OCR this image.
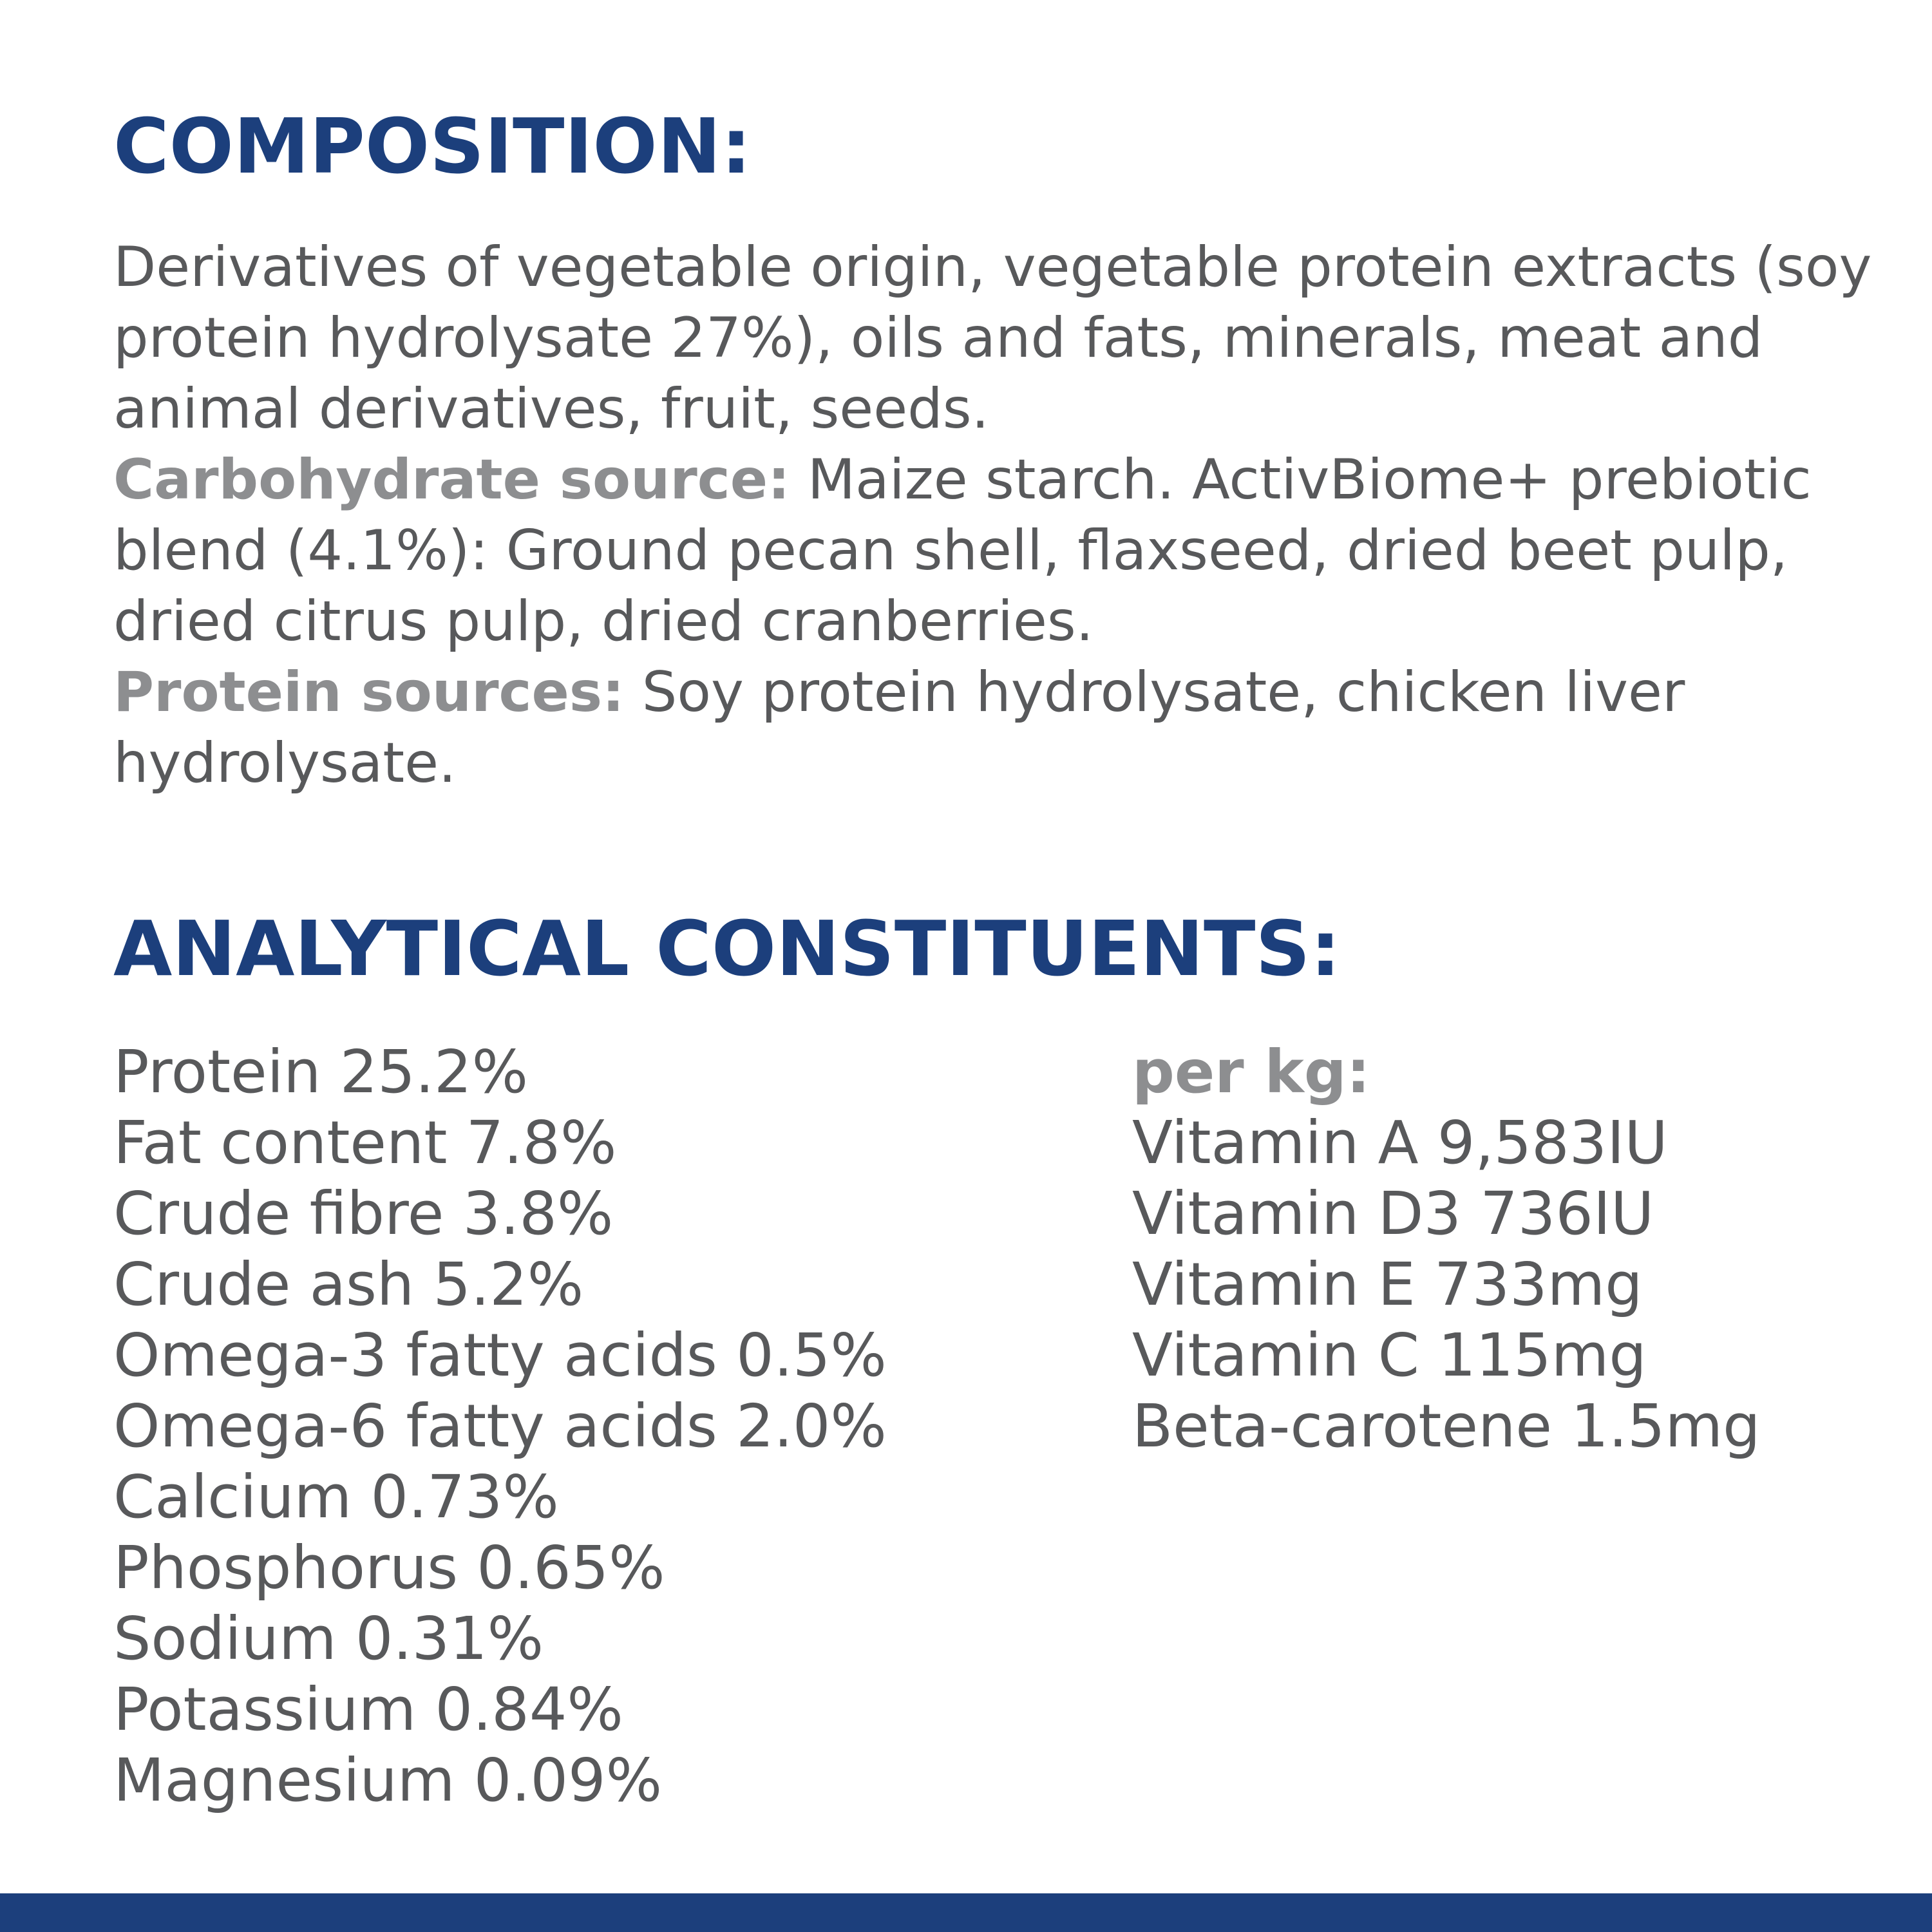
COMPOSITION:

Derivatives of vegetable origin, vegetable protein extracts (soy protein hydrolysate 27%), oils and fats, minerals, meat and animal derivatives, fruit, seeds.
Carbohydrate source: Maize starch. ActivBiome+ prebiotic blend (4.1%): Ground pecan shell, flaxseed, dried beet pulp, dried citrus pulp, dried cranberries.
Protein sources: Soy protein hydrolysate, chicken liver hydrolysate.

ANALYTICAL CONSTITUENTS:
Protein 25.2%
Fat content 7.8%
Crude fibre 3.8%
Crude ash 5.2%
Omega-3 fatty acids 0.5%
Omega-6 fatty acids 2.0%
Calcium 0.73%
Phosphorus 0.65%
Sodium 0.31%
Potassium 0.84%
Magnesium 0.09%
per kg:
Vitamin A 9,583IU
Vitamin D3 736IU
Vitamin E 733mg
Vitamin C 115mg
Beta-carotene 1.5mg
